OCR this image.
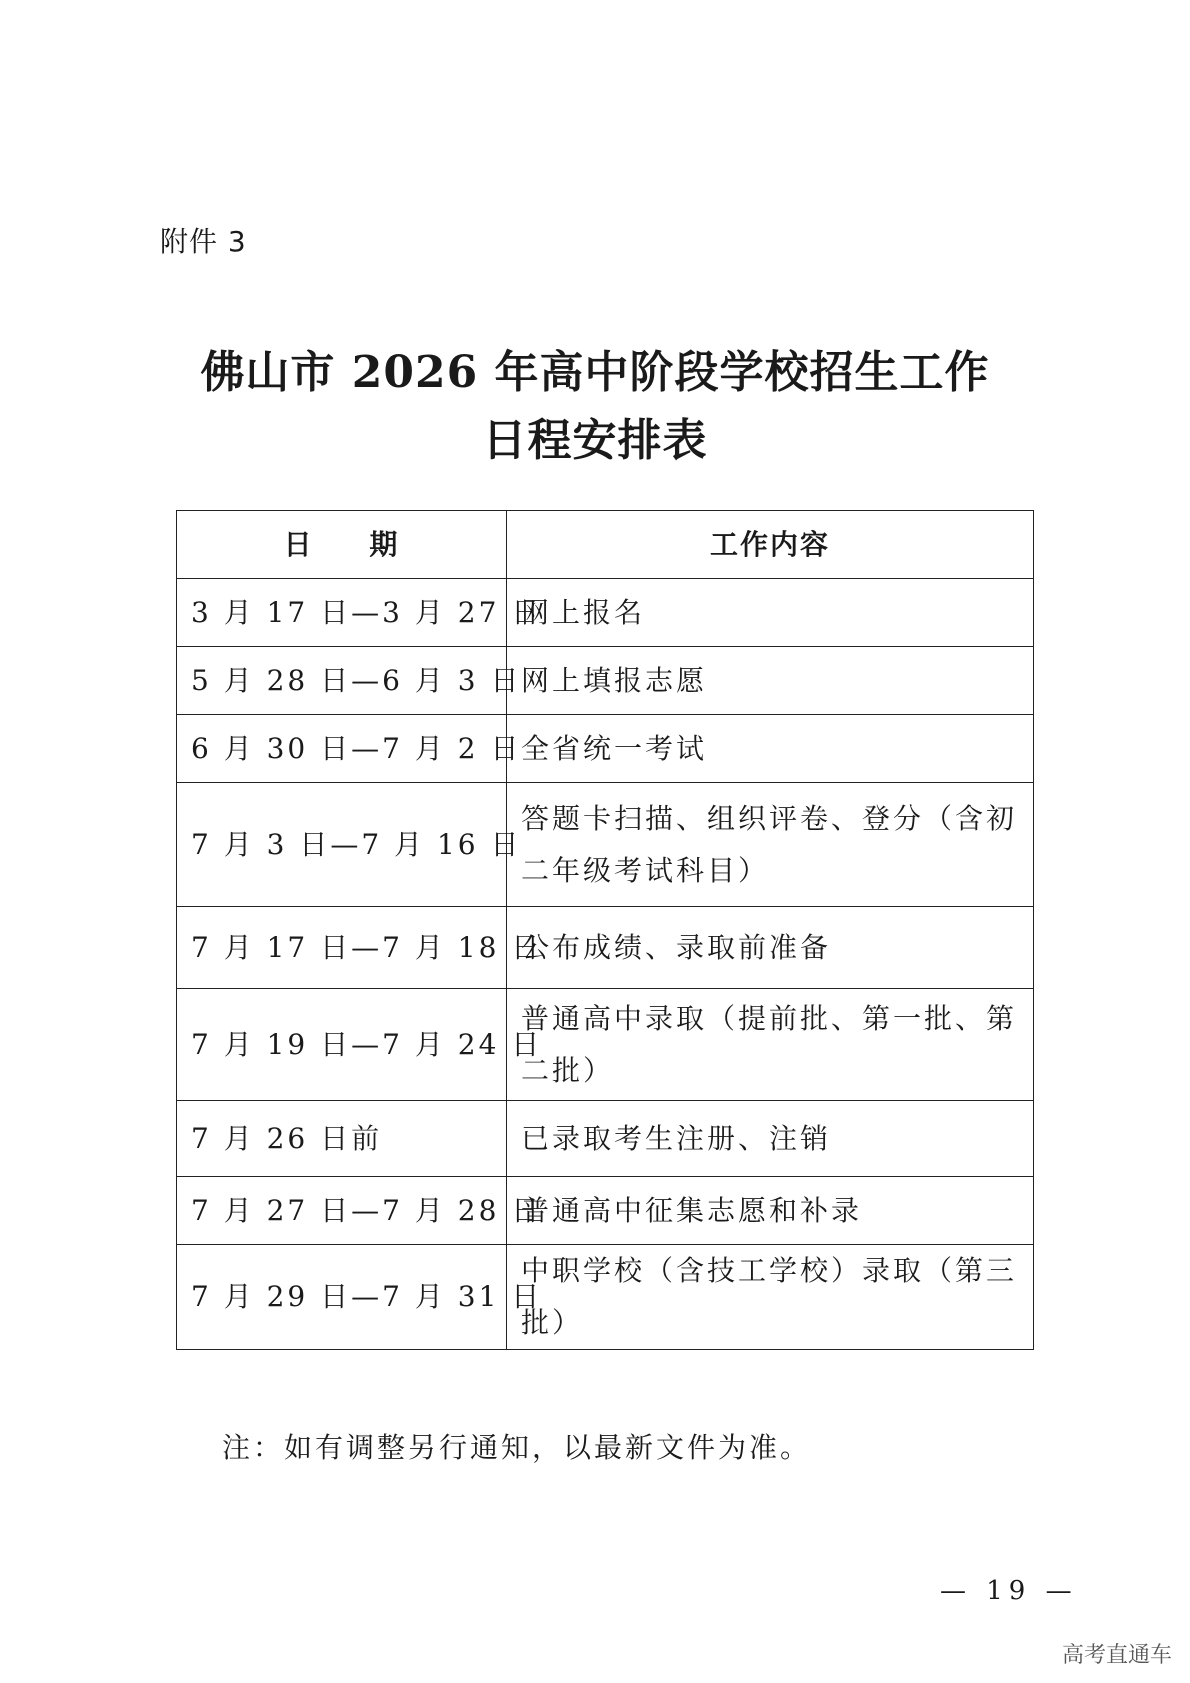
附件 3
佛山市 2026 年高中阶段学校招生工作
日程安排表
日 期	工作内容
3 月 17 日—3 月 27 日	网上报名
5 月 28 日—6 月 3 日	网上填报志愿
6 月 30 日—7 月 2 日	全省统一考试
7 月 3 日—7 月 16 日	答题卡扫描、组织评卷、登分（含初二年级考试科目）
7 月 17 日—7 月 18 日	公布成绩、录取前准备
7 月 19 日—7 月 24 日	普通高中录取（提前批、第一批、第二批）
7 月 26 日前	已录取考生注册、注销
7 月 27 日—7 月 28 日	普通高中征集志愿和补录
7 月 29 日—7 月 31 日	中职学校（含技工学校）录取（第三批）
注：如有调整另行通知，以最新文件为准。
— 19 —
高考直通车
